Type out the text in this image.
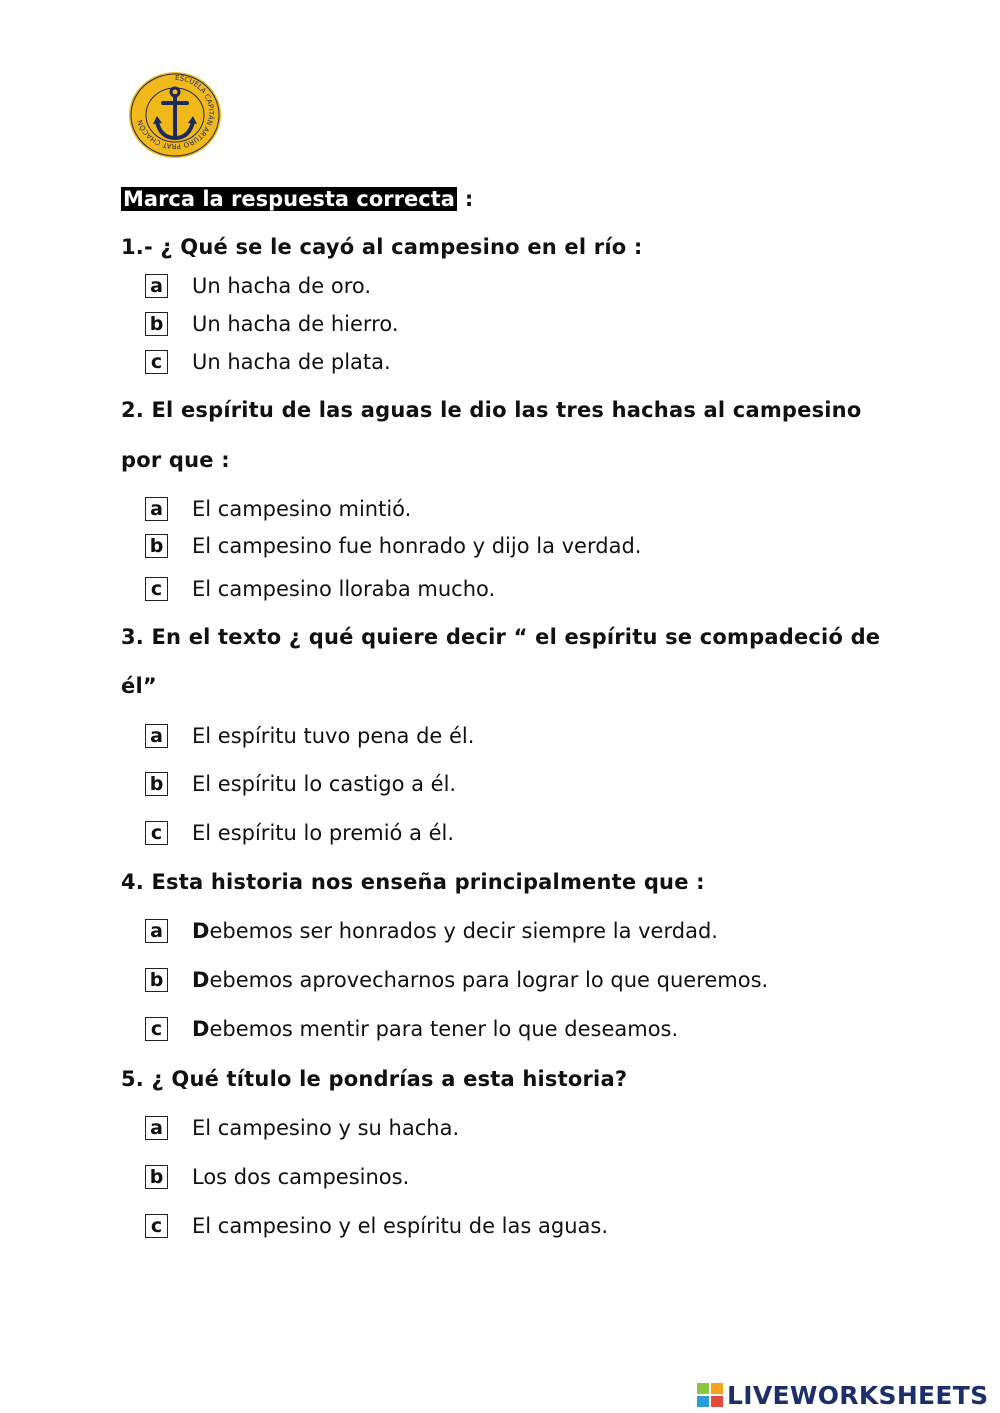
ESCUELA CAPITÁN ARTURO PRAT CHACÓN
Marca la respuesta correcta :
1.- ¿ Qué se le cayó al campesino en el río :
a Un hacha de oro.
b Un hacha de hierro.
c Un hacha de plata.
2. El espíritu de las aguas le dio las tres hachas al campesino
por que :
a El campesino mintió.
b El campesino fue honrado y dijo la verdad.
c El campesino lloraba mucho.
3. En el texto ¿ qué quiere decir “ el espíritu se compadeció de
él”
a El espíritu tuvo pena de él.
b El espíritu lo castigo a él.
c El espíritu lo premió a él.
4. Esta historia nos enseña principalmente que :
a Debemos ser honrados y decir siempre la verdad.
b Debemos aprovecharnos para lograr lo que queremos.
c Debemos mentir para tener lo que deseamos.
5. ¿ Qué título le pondrías a esta historia?
a El campesino y su hacha.
b Los dos campesinos.
c El campesino y el espíritu de las aguas.
LIVEWORKSHEETS
